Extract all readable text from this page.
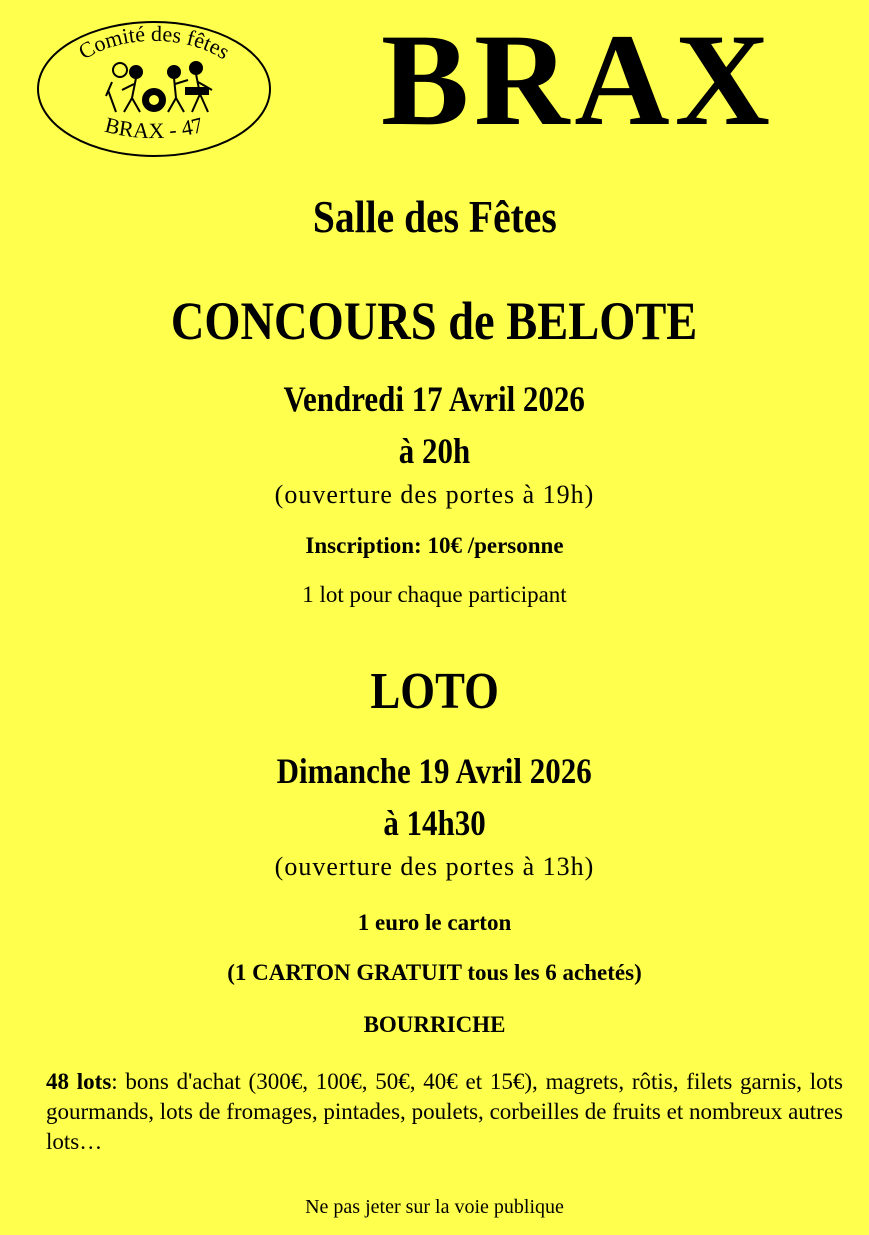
Comité des fêtes
BRAX - 47	BRAX
Salle des Fêtes
CONCOURS de BELOTE
Vendredi 17 Avril 2026
à 20h
(ouverture des portes à 19h)
Inscription: 10€ /personne
1 lot pour chaque participant
LOTO
Dimanche 19 Avril 2026
à 14h30
(ouverture des portes à 13h)
1 euro le carton
(1 CARTON GRATUIT tous les 6 achetés)
BOURRICHE
48 lots: bons d'achat (300€, 100€, 50€, 40€ et 15€), magrets, rôtis, filets garnis, lots gourmands, lots de fromages, pintades, poulets, corbeilles de fruits et nombreux autres lots…
Ne pas jeter sur la voie publique
